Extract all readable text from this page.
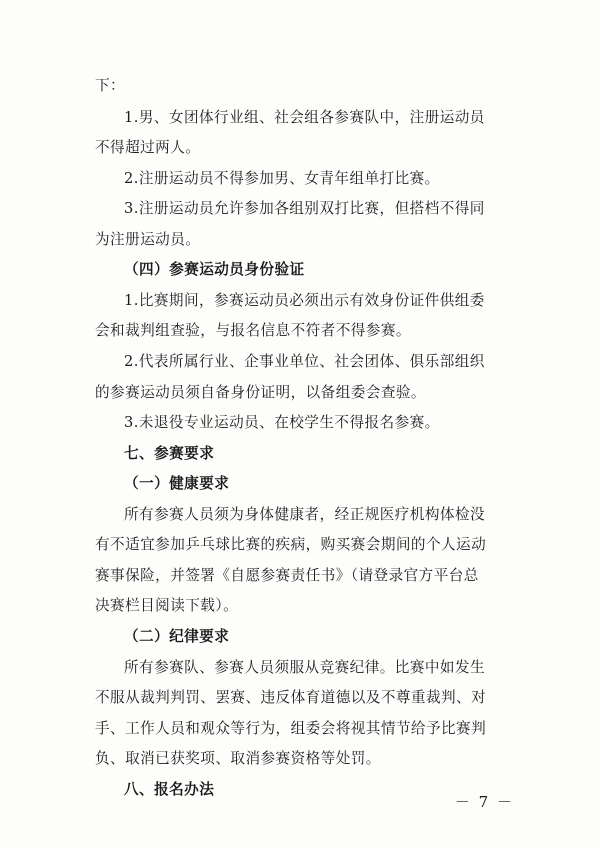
下：
1.男、女团体行业组、社会组各参赛队中，注册运动员
不得超过两人。
2.注册运动员不得参加男、女青年组单打比赛。
3.注册运动员允许参加各组别双打比赛，但搭档不得同
为注册运动员。
（四）参赛运动员身份验证
1.比赛期间，参赛运动员必须出示有效身份证件供组委
会和裁判组查验，与报名信息不符者不得参赛。
2.代表所属行业、企事业单位、社会团体、俱乐部组织
的参赛运动员须自备身份证明，以备组委会查验。
3.未退役专业运动员、在校学生不得报名参赛。
七、参赛要求
（一）健康要求
所有参赛人员须为身体健康者，经正规医疗机构体检没
有不适宜参加乒乓球比赛的疾病，购买赛会期间的个人运动
赛事保险，并签署《自愿参赛责任书》（请登录官方平台总
决赛栏目阅读下载）。
（二）纪律要求
所有参赛队、参赛人员须服从竞赛纪律。比赛中如发生
不服从裁判判罚、罢赛、违反体育道德以及不尊重裁判、对
手、工作人员和观众等行为，组委会将视其情节给予比赛判
负、取消已获奖项、取消参赛资格等处罚。
八、报名办法
－ 7 －
